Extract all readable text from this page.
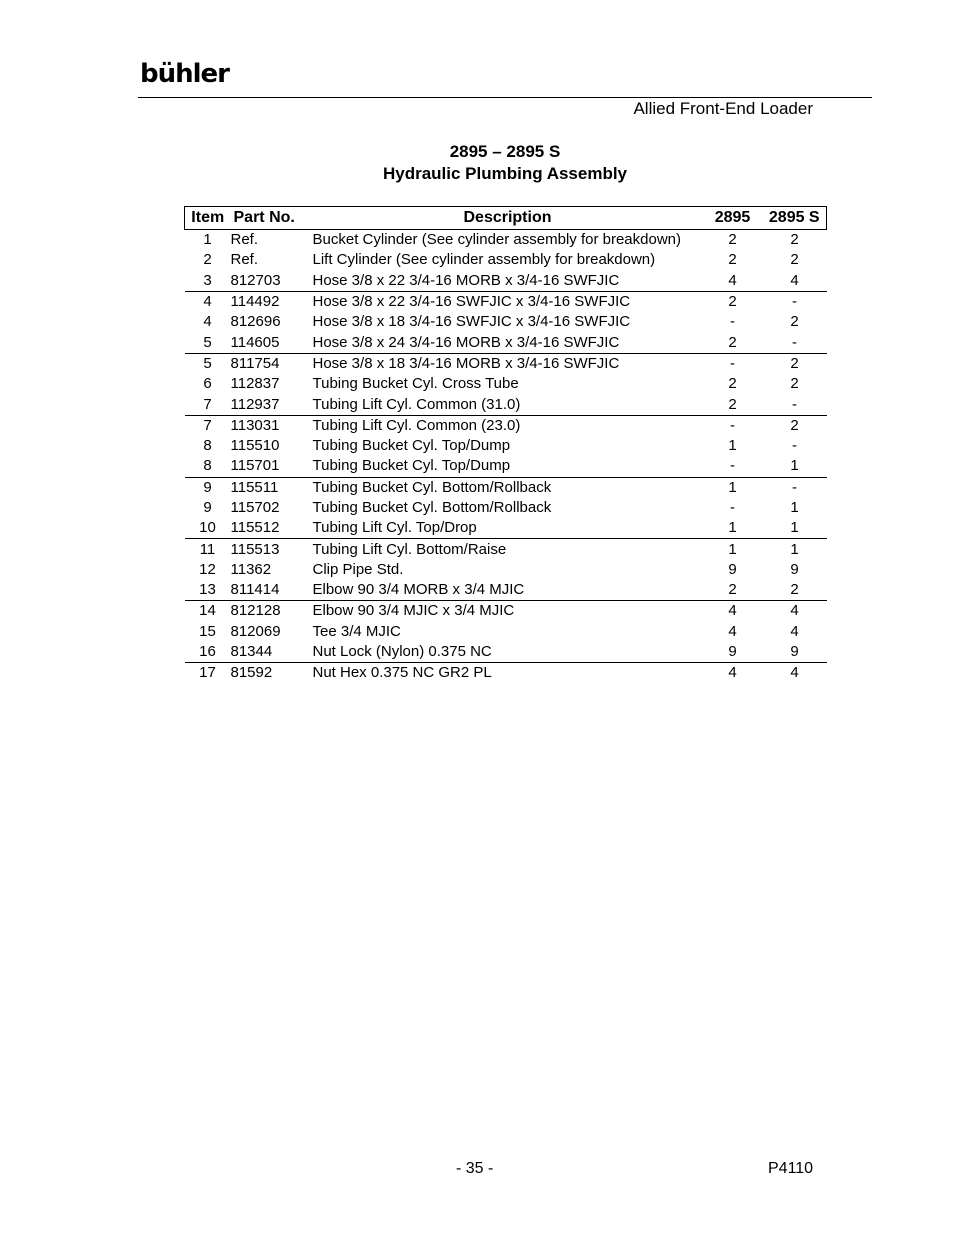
bühler
Allied Front-End Loader
2895 – 2895 S
Hydraulic Plumbing Assembly
Item	Part No.	Description	2895	2895 S
1	Ref.	Bucket Cylinder (See cylinder assembly for breakdown)	2	2
2	Ref.	Lift Cylinder (See cylinder assembly for breakdown)	2	2
3	812703	Hose 3/8 x 22 3/4-16 MORB x 3/4-16 SWFJIC	4	4
4	114492	Hose 3/8 x 22 3/4-16 SWFJIC x 3/4-16 SWFJIC	2	-
4	812696	Hose 3/8 x 18 3/4-16 SWFJIC x 3/4-16 SWFJIC	-	2
5	114605	Hose 3/8 x 24 3/4-16 MORB x 3/4-16 SWFJIC	2	-
5	811754	Hose 3/8 x 18 3/4-16 MORB x 3/4-16 SWFJIC	-	2
6	112837	Tubing Bucket Cyl. Cross Tube	2	2
7	112937	Tubing Lift Cyl. Common (31.0)	2	-
7	113031	Tubing Lift Cyl. Common (23.0)	-	2
8	115510	Tubing Bucket Cyl. Top/Dump	1	-
8	115701	Tubing Bucket Cyl. Top/Dump	-	1
9	115511	Tubing Bucket Cyl. Bottom/Rollback	1	-
9	115702	Tubing Bucket Cyl. Bottom/Rollback	-	1
10	115512	Tubing Lift Cyl. Top/Drop	1	1
11	115513	Tubing Lift Cyl. Bottom/Raise	1	1
12	11362	Clip Pipe Std.	9	9
13	811414	Elbow 90 3/4 MORB x 3/4 MJIC	2	2
14	812128	Elbow 90 3/4 MJIC x 3/4 MJIC	4	4
15	812069	Tee 3/4 MJIC	4	4
16	81344	Nut Lock (Nylon) 0.375 NC	9	9
17	81592	Nut Hex 0.375 NC GR2 PL	4	4
- 35 -	P4110
